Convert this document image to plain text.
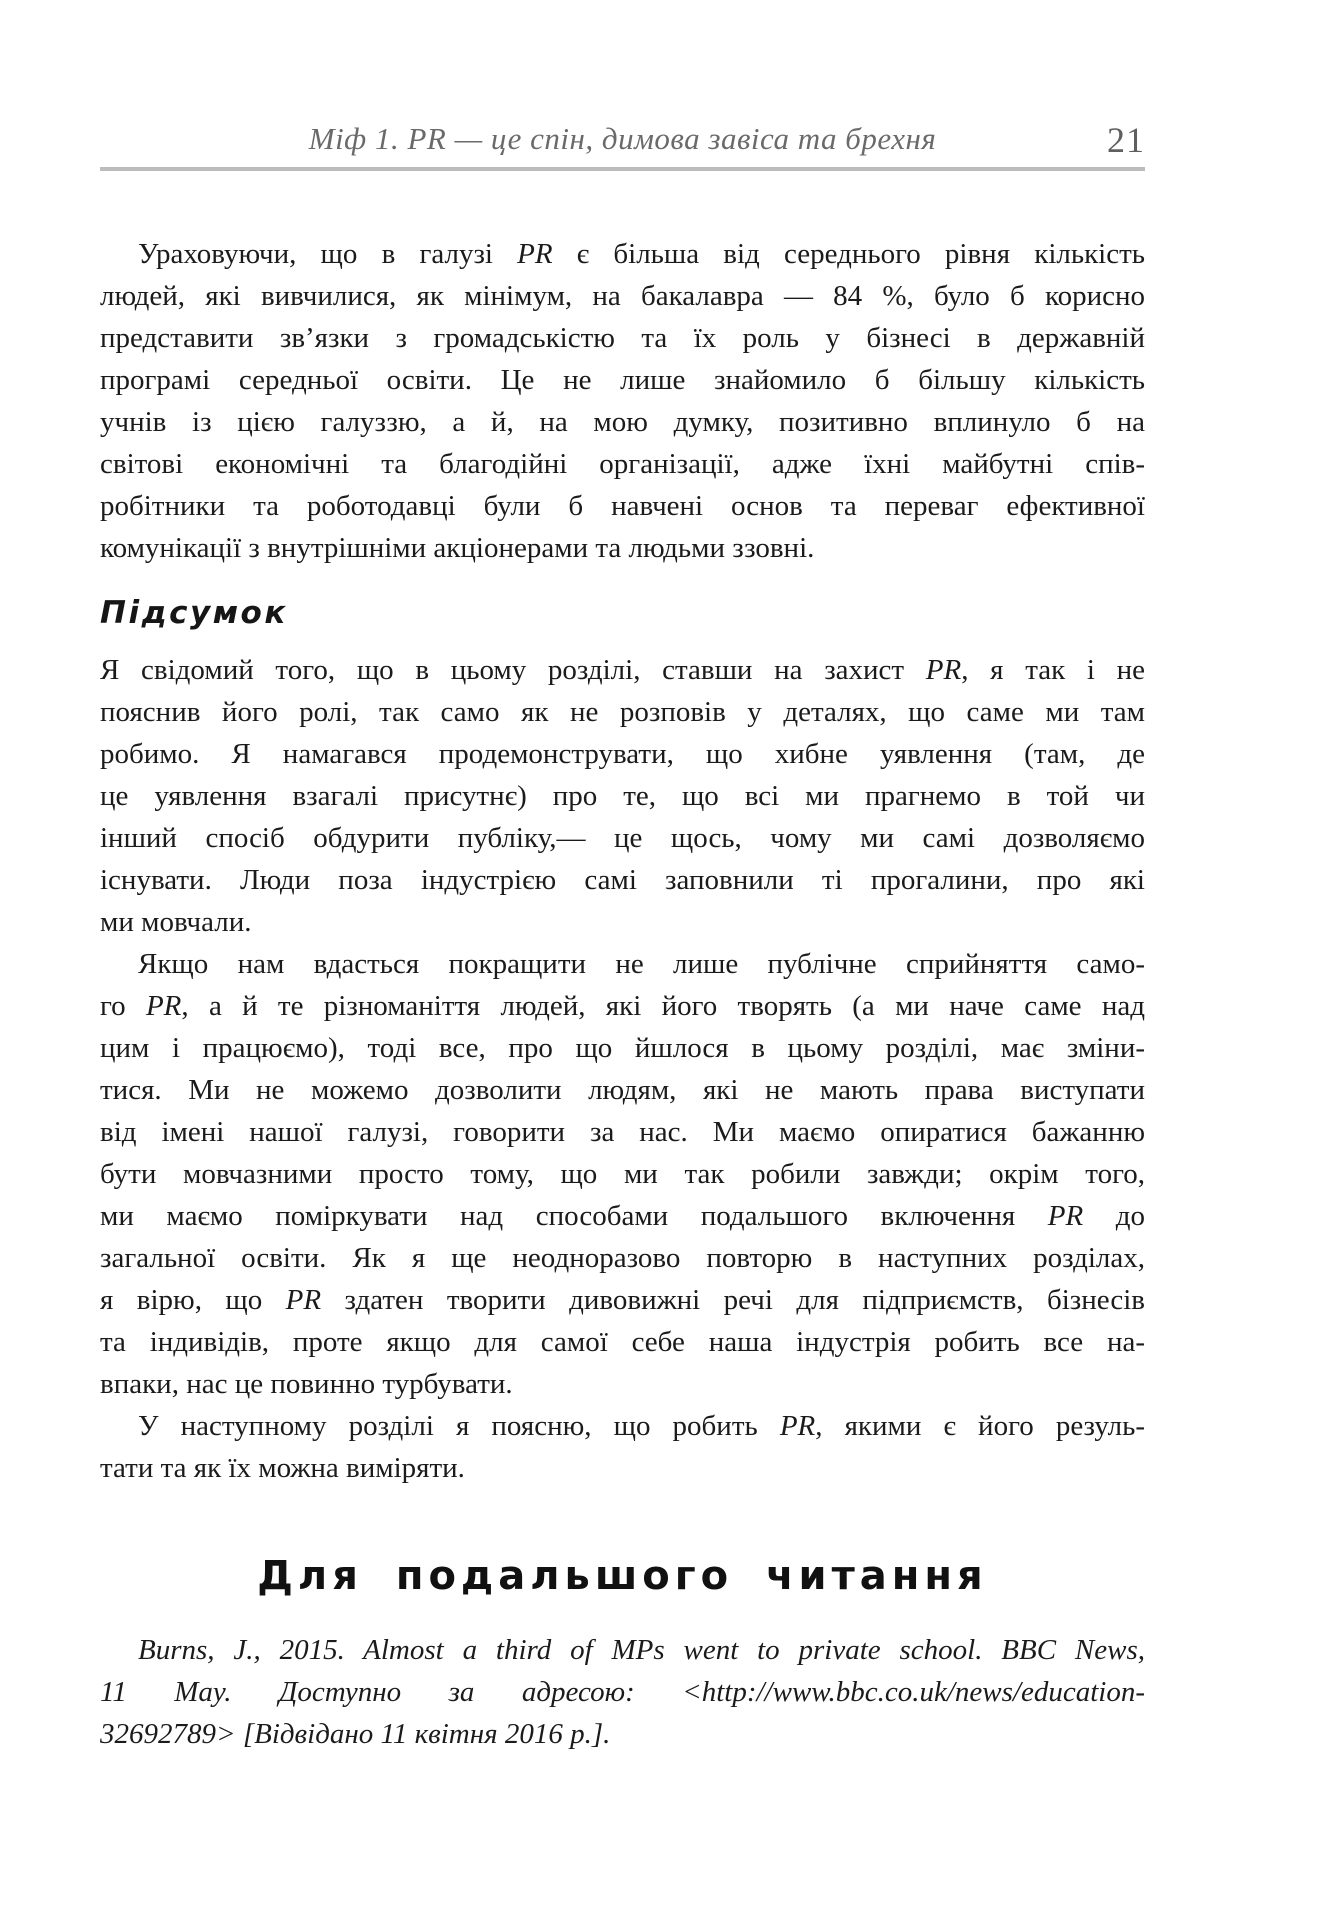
Міф 1. PR — це спін, димова завіса та брехня	21
Ураховуючи, що в галузі PR є більша від середнього рівня кількість
людей, які вивчилися, як мінімум, на бакалавра — 84 %, було б корисно
представити зв’язки з громадськістю та їх роль у бізнесі в державній
програмі середньої освіти. Це не лише знайомило б більшу кількість
учнів із цією галуззю, а й, на мою думку, позитивно вплинуло б на
світові економічні та благодійні організації, адже їхні майбутні спів-
робітники та роботодавці були б навчені основ та переваг ефективної
комунікації з внутрішніми акціонерами та людьми ззовні.
Підсумок
Я свідомий того, що в цьому розділі, ставши на захист PR, я так і не
пояснив його ролі, так само як не розповів у деталях, що саме ми там
робимо. Я намагався продемонструвати, що хибне уявлення (там, де
це уявлення взагалі присутнє) про те, що всі ми прагнемо в той чи
інший спосіб обдурити публіку,— це щось, чому ми самі дозволяємо
існувати. Люди поза індустрією самі заповнили ті прогалини, про які
ми мовчали.
Якщо нам вдасться покращити не лише публічне сприйняття само-
го PR, а й те різноманіття людей, які його творять (а ми наче саме над
цим і працюємо), тоді все, про що йшлося в цьому розділі, має зміни-
тися. Ми не можемо дозволити людям, які не мають права виступати
від імені нашої галузі, говорити за нас. Ми маємо опиратися бажанню
бути мовчазними просто тому, що ми так робили завжди; окрім того,
ми маємо поміркувати над способами подальшого включення PR до
загальної освіти. Як я ще неодноразово повторю в наступних розділах,
я вірю, що PR здатен творити дивовижні речі для підприємств, бізнесів
та індивідів, проте якщо для самої себе наша індустрія робить все на-
впаки, нас це повинно турбувати.
У наступному розділі я поясню, що робить PR, якими є його резуль-
тати та як їх можна виміряти.
Для подальшого читання
Burns, J., 2015. Almost a third of MPs went to private school. BBC News,
11 May. Доступно за адресою: <http://www.bbc.co.uk/news/education-
32692789> [Відвідано 11 квітня 2016 р.].
